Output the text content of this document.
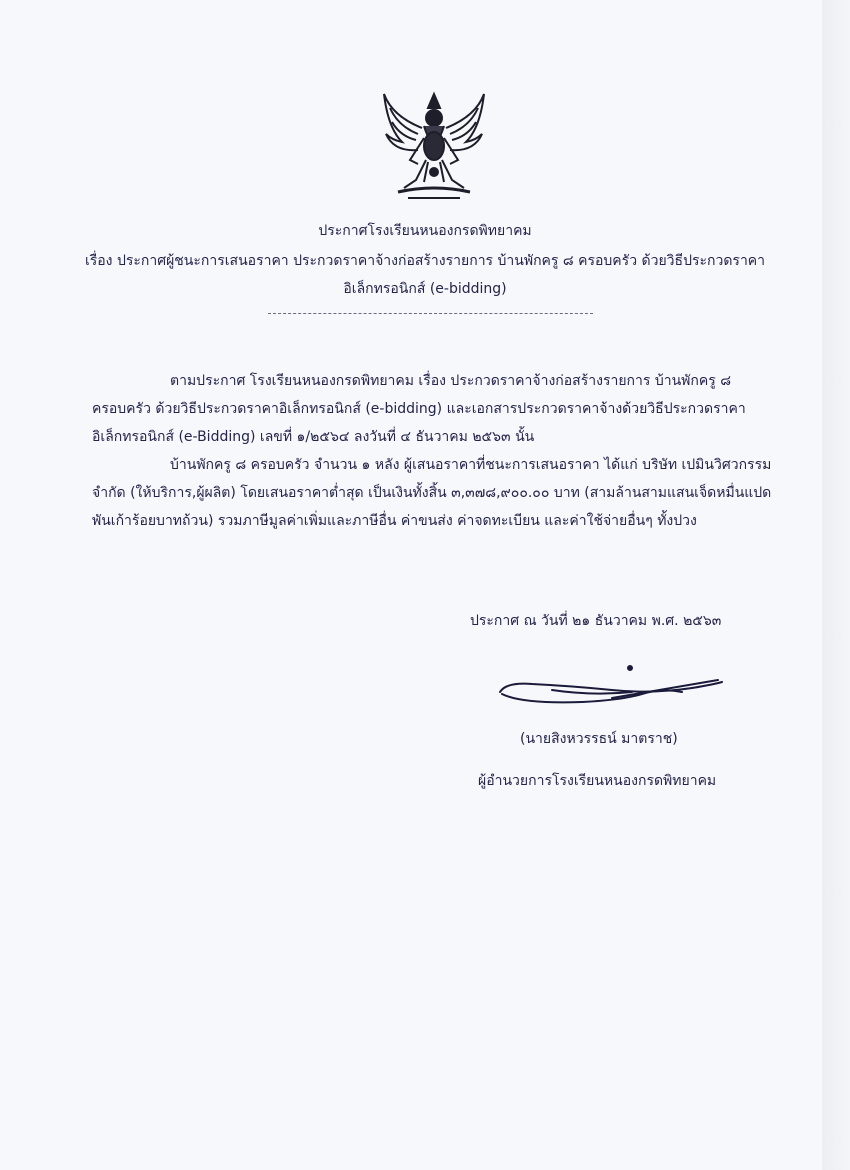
ประกาศโรงเรียนหนองกรดพิทยาคม
เรื่อง ประกาศผู้ชนะการเสนอราคา ประกวดราคาจ้างก่อสร้างรายการ บ้านพักครู ๘ ครอบครัว ด้วยวิธีประกวดราคา
อิเล็กทรอนิกส์ (e-bidding)
ตามประกาศ โรงเรียนหนองกรดพิทยาคม เรื่อง ประกวดราคาจ้างก่อสร้างรายการ บ้านพักครู ๘
ครอบครัว ด้วยวิธีประกวดราคาอิเล็กทรอนิกส์ (e-bidding) และเอกสารประกวดราคาจ้างด้วยวิธีประกวดราคา
อิเล็กทรอนิกส์ (e-Bidding) เลขที่ ๑/๒๕๖๔ ลงวันที่ ๔ ธันวาคม ๒๕๖๓ นั้น
บ้านพักครู ๘ ครอบครัว จำนวน ๑ หลัง ผู้เสนอราคาที่ชนะการเสนอราคา ได้แก่ บริษัท เปมินวิศวกรรม
จำกัด (ให้บริการ,ผู้ผลิต) โดยเสนอราคาต่ำสุด เป็นเงินทั้งสิ้น ๓,๓๗๘,๙๐๐.๐๐ บาท (สามล้านสามแสนเจ็ดหมื่นแปด
พันเก้าร้อยบาทถ้วน) รวมภาษีมูลค่าเพิ่มและภาษีอื่น ค่าขนส่ง ค่าจดทะเบียน และค่าใช้จ่ายอื่นๆ ทั้งปวง
ประกาศ ณ วันที่ ๒๑ ธันวาคม พ.ศ. ๒๕๖๓
(นายสิงหวรรธน์ มาตราช)
ผู้อำนวยการโรงเรียนหนองกรดพิทยาคม
